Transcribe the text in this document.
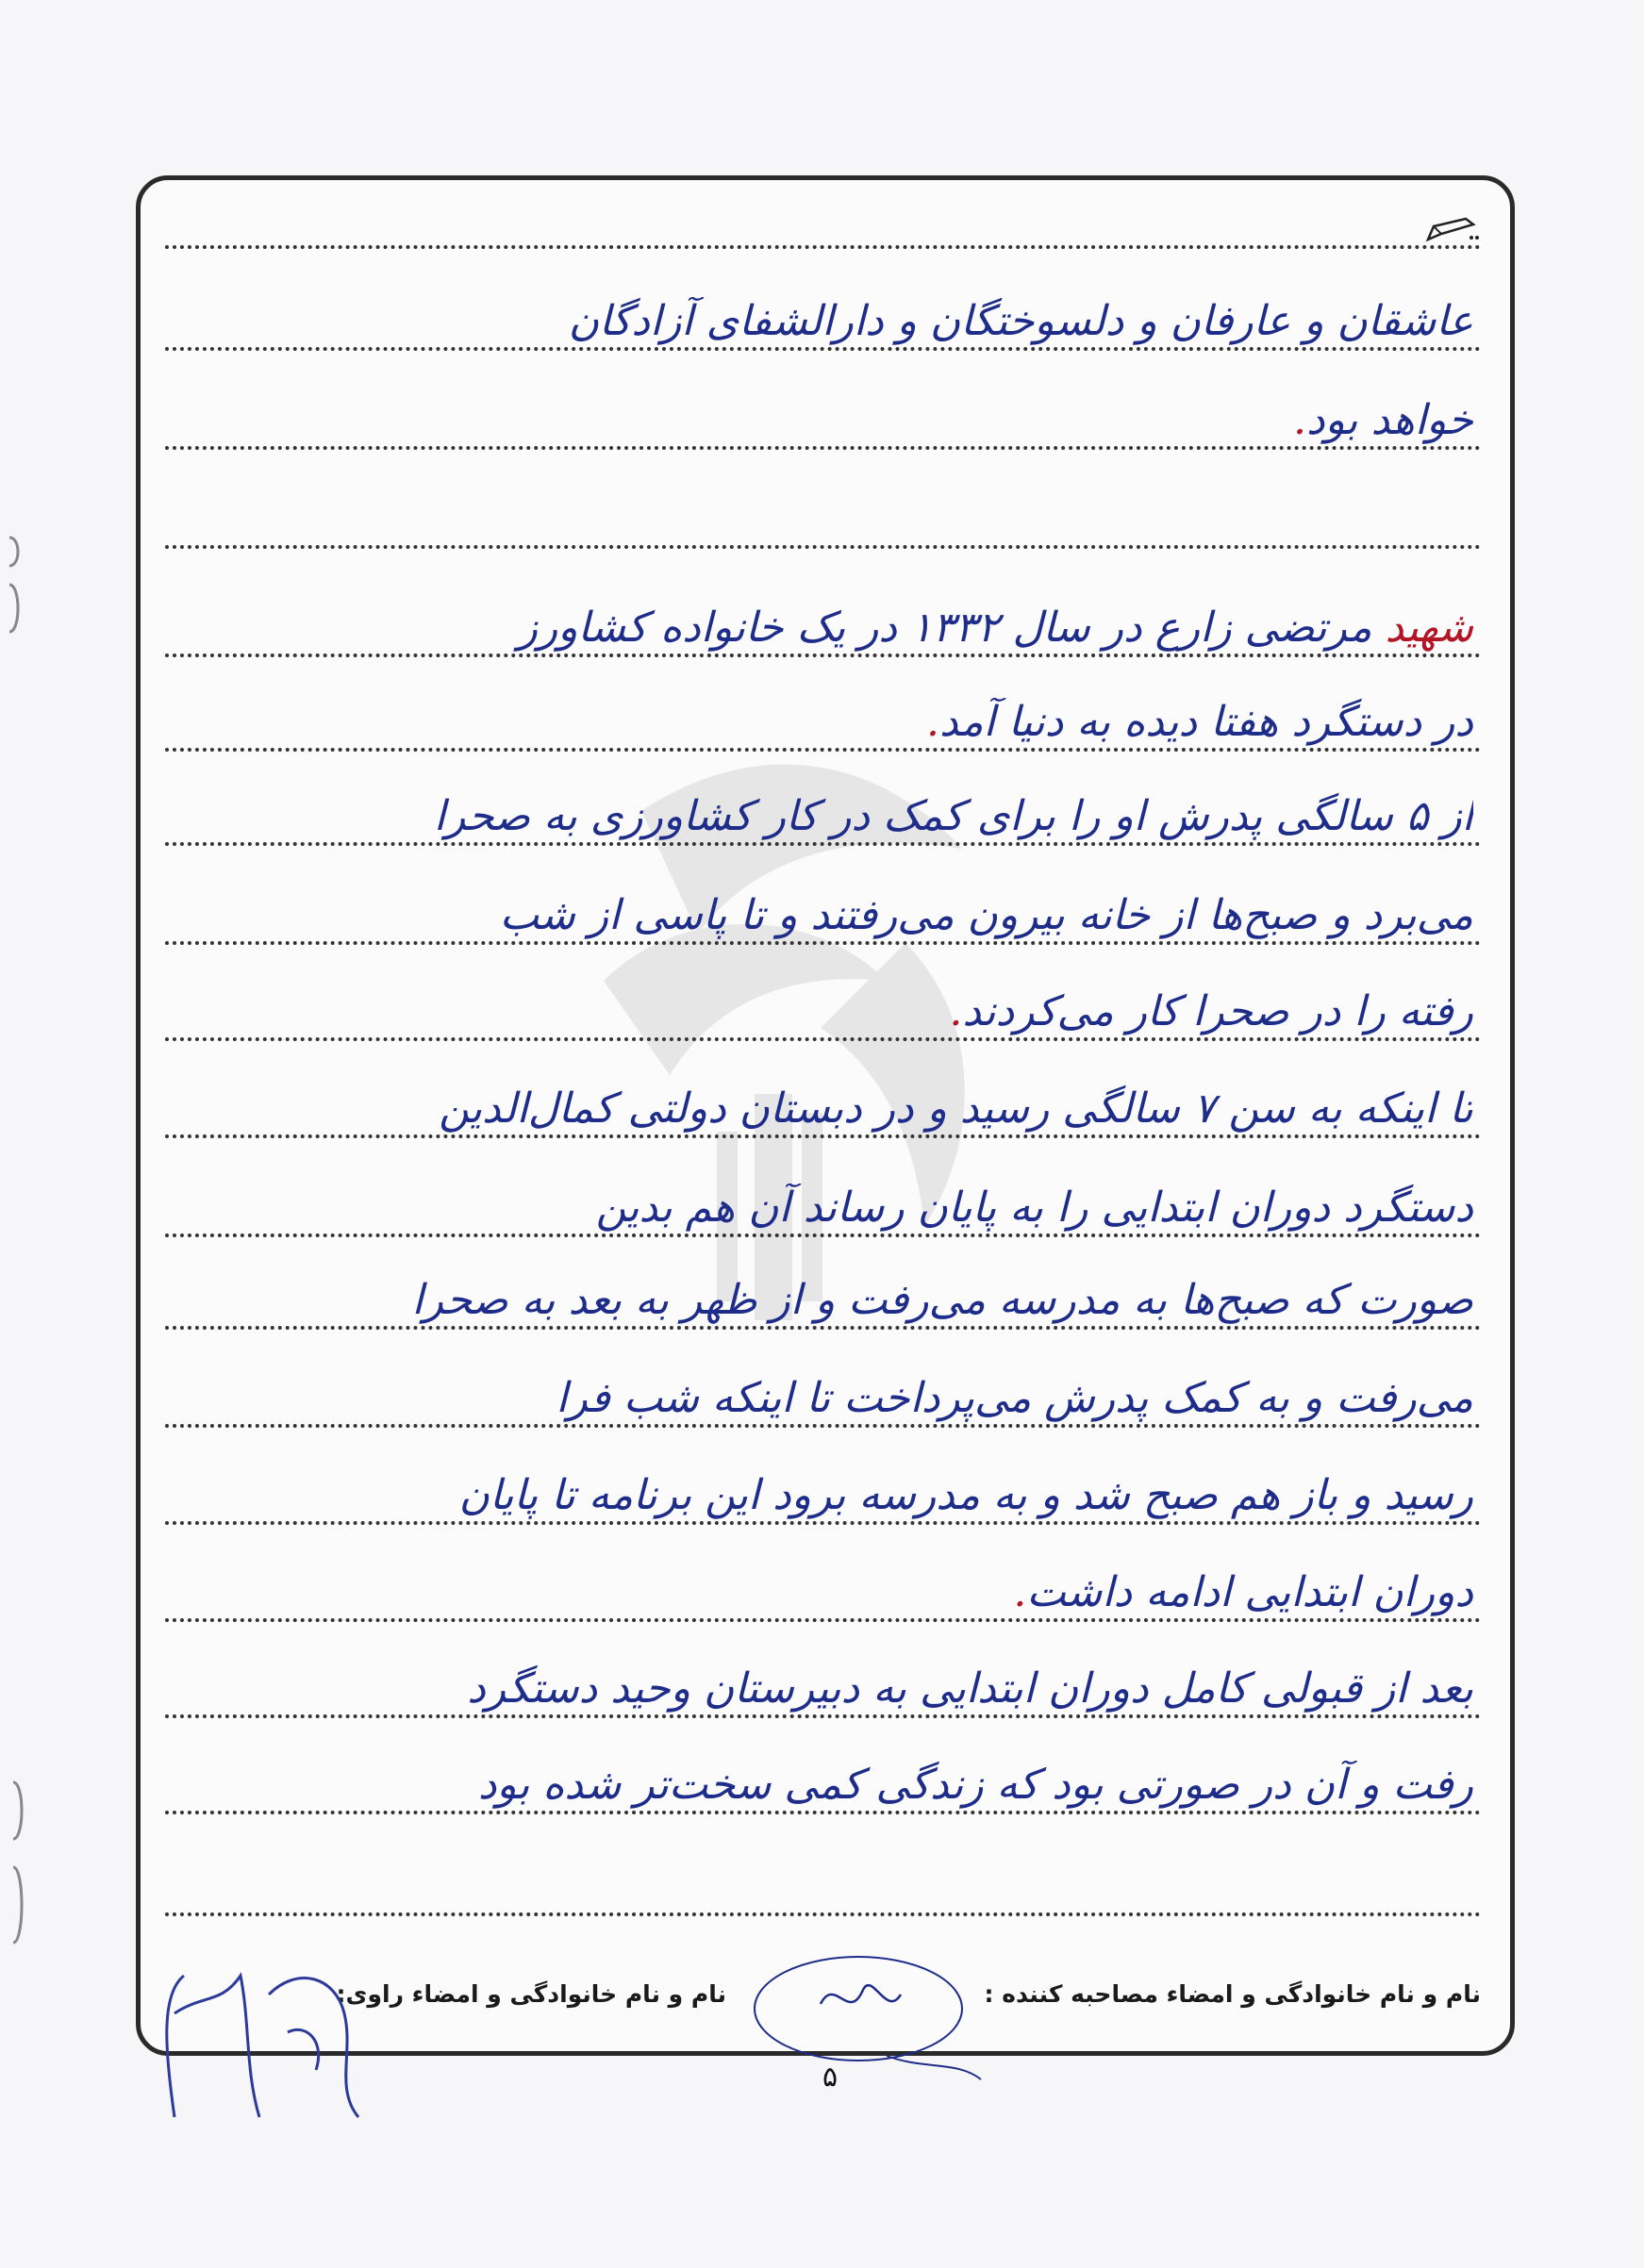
عاشقان و عارفان و دلسوختگان و دارالشفای آزادگان
خواهد بود.
شهید مرتضی زارع در سال ۱۳۳۲ در یک خانواده کشاورز
در دستگرد هفتا دیده به دنیا آمد.
از ۵ سالگی پدرش او را برای کمک در کار کشاورزی به صحرا
می‌برد و صبح‌ها از خانه بیرون می‌رفتند و تا پاسی از شب
رفته را در صحرا کار می‌کردند.
تا اینکه به سن ۷ سالگی رسید و در دبستان دولتی کمال‌الدین
دستگرد دوران ابتدایی را به پایان رساند آن هم بدین
صورت که صبح‌ها به مدرسه می‌رفت و از ظهر به بعد به صحرا
می‌رفت و به کمک پدرش می‌پرداخت تا اینکه شب فرا
رسید و باز هم صبح شد و به مدرسه برود این برنامه تا پایان
دوران ابتدایی ادامه داشت.
بعد از قبولی کامل دوران ابتدایی به دبیرستان وحید دستگرد
رفت و آن در صورتی بود که زندگی کمی سخت‌تر شده بود
نام و نام خانوادگی و امضاء مصاحبه کننده :
نام و نام خانوادگی و امضاء راوی:
۵
